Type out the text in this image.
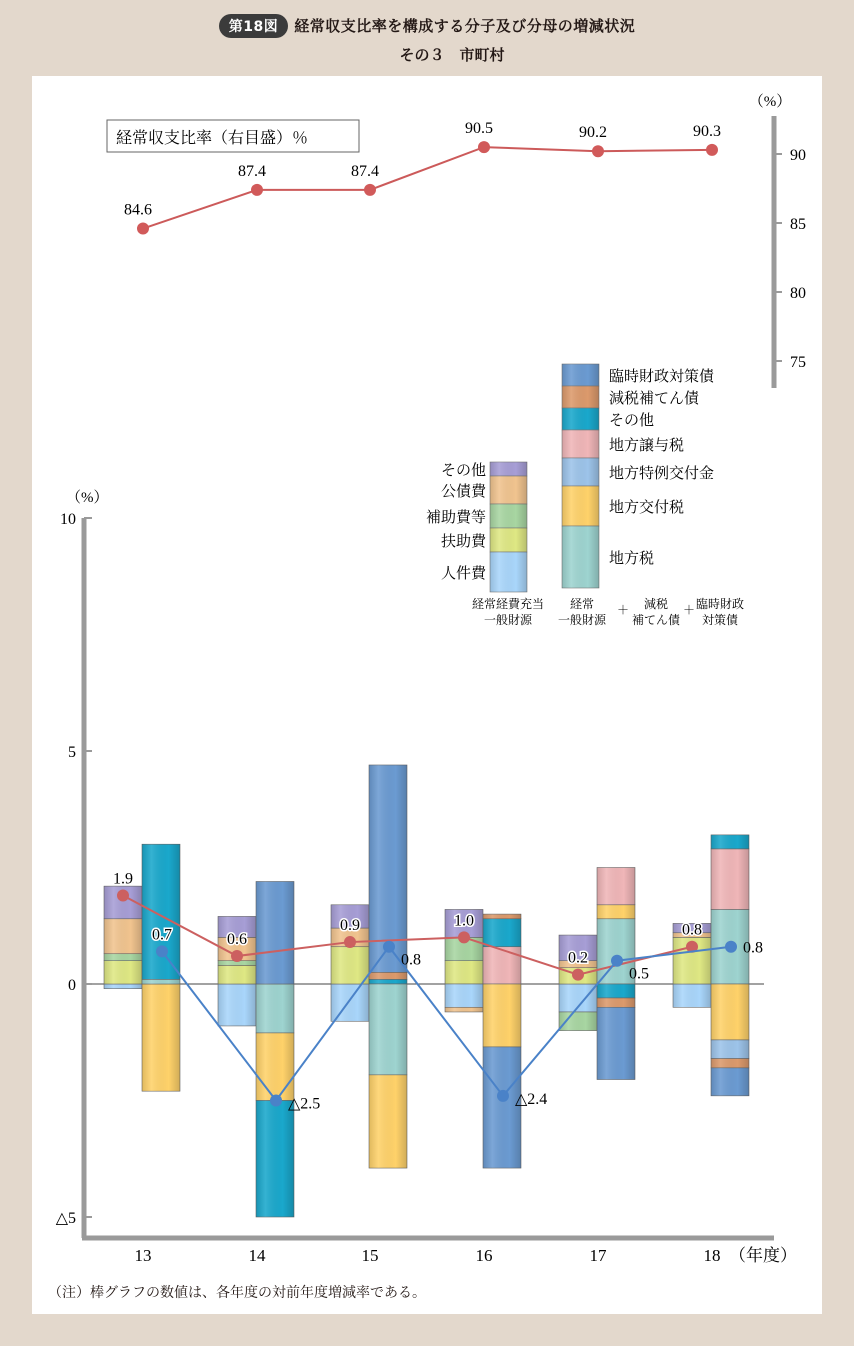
第18図 経常収支比率を構成する分子及び分母の増減状況
その３　市町村
（%）
75
80
85
90
経常収支比率（右目盛）％
84.6
87.4	87.4
90.5	90.2	90.3
その他
公債費
補助費等
扶助費
人件費
臨時財政対策債
減税補てん債
その他
地方譲与税
地方特例交付金
地方交付税
地方税
経常経費充当
一般財源
経常
一般財源
＋ 減税
補てん債
＋ 臨時財政
対策債
（%）
10
5
0
△5
13	14	15	16	17	18 （年度）
1.9
0.6
0.9	1.0
0.2
0.8
0.7
△2.5
0.8
△2.4
0.5
0.8
（注）棒グラフの数値は、各年度の対前年度増減率である。
